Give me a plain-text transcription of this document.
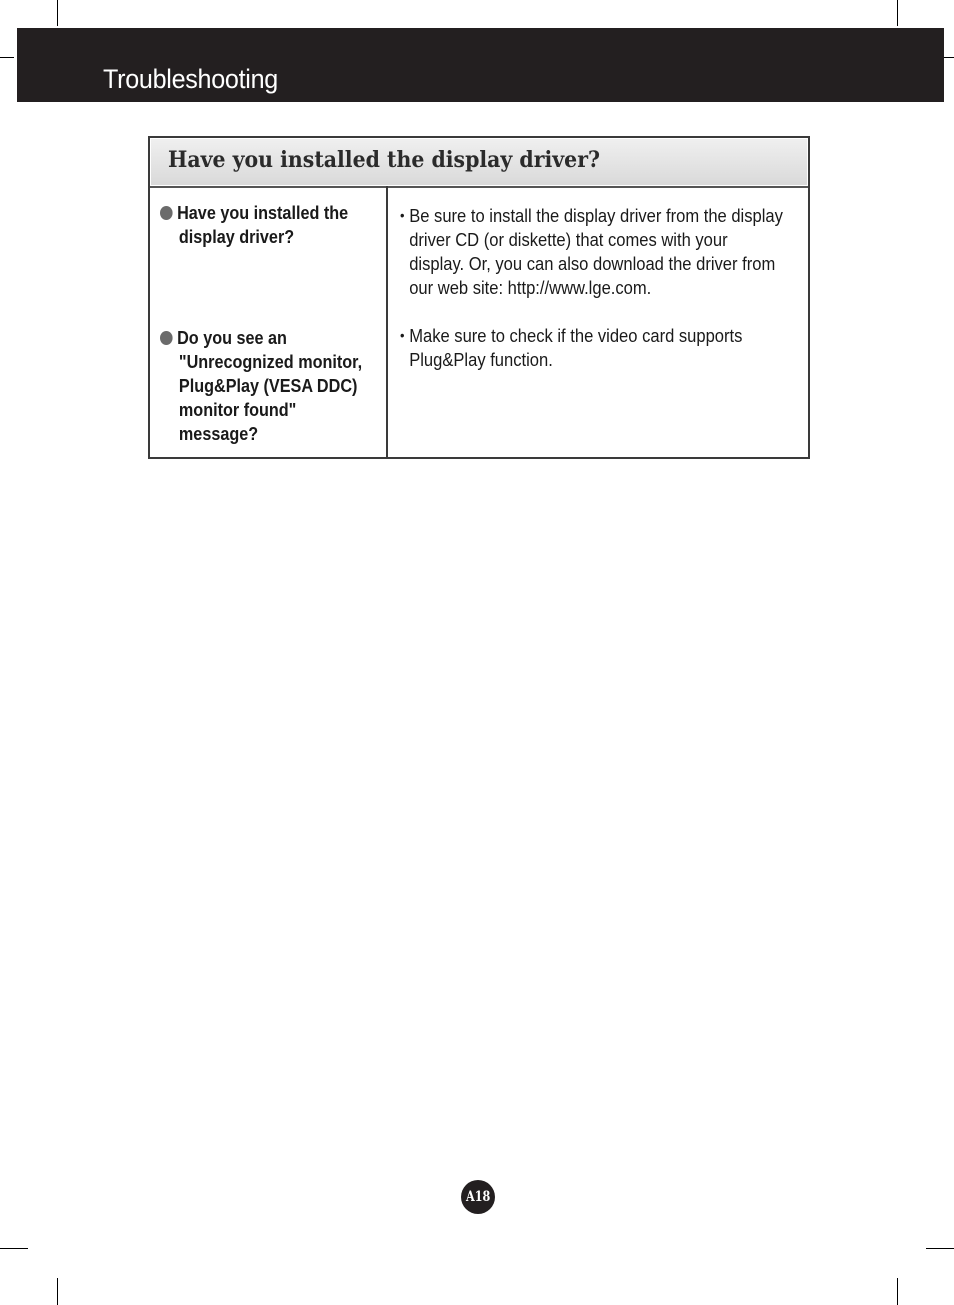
Troubleshooting
Have you installed the display driver?
Have you installed the
display driver?
Do you see an
"Unrecognized monitor,
Plug&Play (VESA DDC)
monitor found"
message?
• Be sure to install the display driver from the display
driver CD (or diskette) that comes with your
display. Or, you can also download the driver from
our web site: http://www.lge.com.
• Make sure to check if the video card supports
Plug&Play function.
A18
